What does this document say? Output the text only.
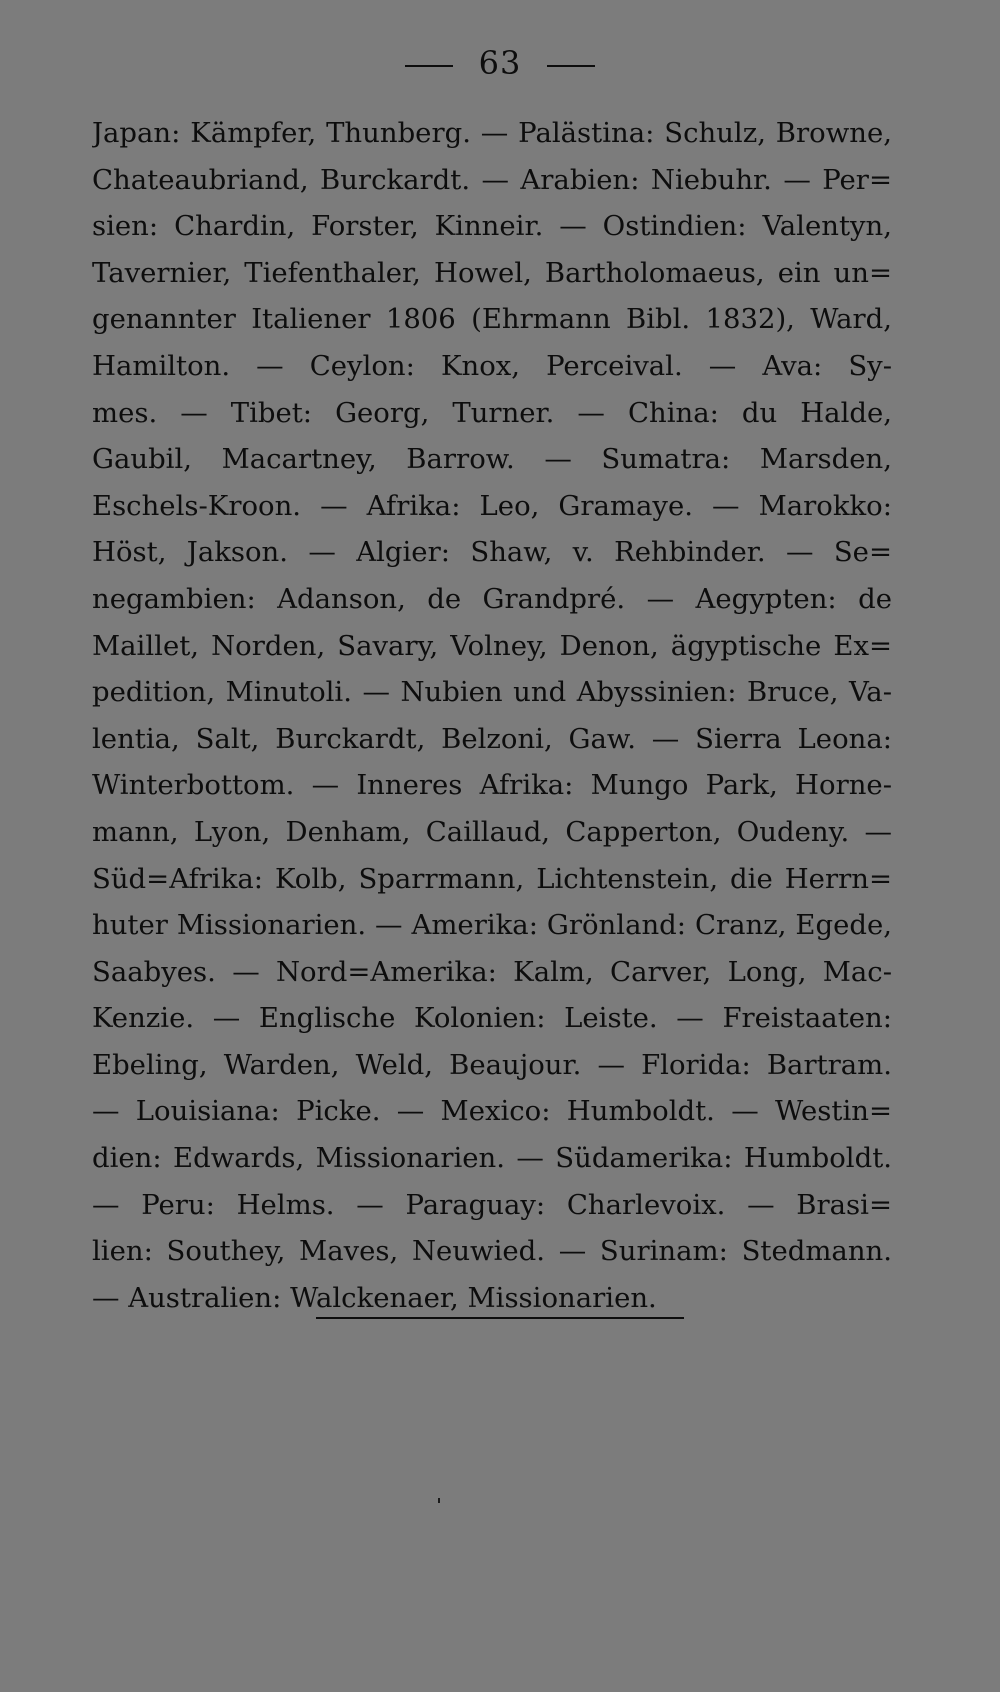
63
Japan: Kämpfer, Thunberg. — Palästina: Schulz, Browne,
Chateaubriand, Burckardt. — Arabien: Niebuhr. — Per=
sien: Chardin, Forster, Kinneir. — Ostindien: Valentyn,
Tavernier, Tiefenthaler, Howel, Bartholomaeus, ein un=
genannter Italiener 1806 (Ehrmann Bibl. 1832), Ward,
Hamilton. — Ceylon: Knox, Perceival. — Ava: Sy-
mes. — Tibet: Georg, Turner. — China: du Halde,
Gaubil, Macartney, Barrow. — Sumatra: Marsden,
Eschels-Kroon. — Afrika: Leo, Gramaye. — Marokko:
Höst, Jakson. — Algier: Shaw, v. Rehbinder. — Se=
negambien: Adanson, de Grandpré. — Aegypten: de
Maillet, Norden, Savary, Volney, Denon, ägyptische Ex=
pedition, Minutoli. — Nubien und Abyssinien: Bruce, Va-
lentia, Salt, Burckardt, Belzoni, Gaw. — Sierra Leona:
Winterbottom. — Inneres Afrika: Mungo Park, Horne-
mann, Lyon, Denham, Caillaud, Capperton, Oudeny. —
Süd=Afrika: Kolb, Sparrmann, Lichtenstein, die Herrn=
huter Missionarien. — Amerika: Grönland: Cranz, Egede,
Saabyes. — Nord=Amerika: Kalm, Carver, Long, Mac-
Kenzie. — Englische Kolonien: Leiste. — Freistaaten:
Ebeling, Warden, Weld, Beaujour. — Florida: Bartram.
— Louisiana: Picke. — Mexico: Humboldt. — Westin=
dien: Edwards, Missionarien. — Südamerika: Humboldt.
— Peru: Helms. — Paraguay: Charlevoix. — Brasi=
lien: Southey, Maves, Neuwied. — Surinam: Stedmann.
— Australien: Walckenaer, Missionarien.
